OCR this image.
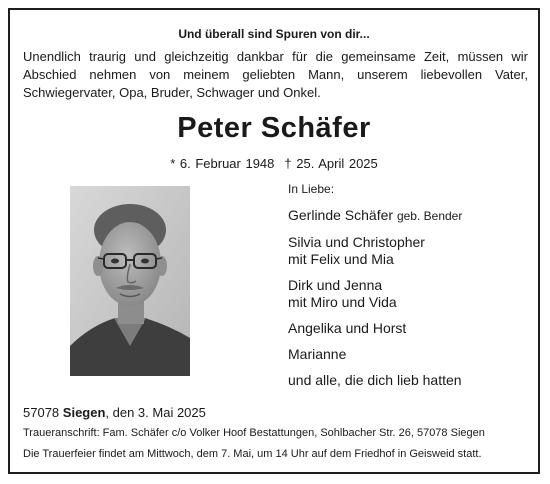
Und überall sind Spuren von dir...
Unendlich traurig und gleichzeitig dankbar für die gemeinsame Zeit, müssen wir
Abschied nehmen von meinem geliebten Mann, unserem liebevollen Vater,
Schwiegervater, Opa, Bruder, Schwager und Onkel.
Peter Schäfer
* 6. Februar 1948 † 25. April 2025
In Liebe:
Gerlinde Schäfer geb. Bender
Silvia und Christopher
mit Felix und Mia
Dirk und Jenna
mit Miro und Vida
Angelika und Horst
Marianne
und alle, die dich lieb hatten
57078 Siegen, den 3. Mai 2025
Traueranschrift: Fam. Schäfer c/o Volker Hoof Bestattungen, Sohlbacher Str. 26, 57078 Siegen
Die Trauerfeier findet am Mittwoch, dem 7. Mai, um 14 Uhr auf dem Friedhof in Geisweid statt.
